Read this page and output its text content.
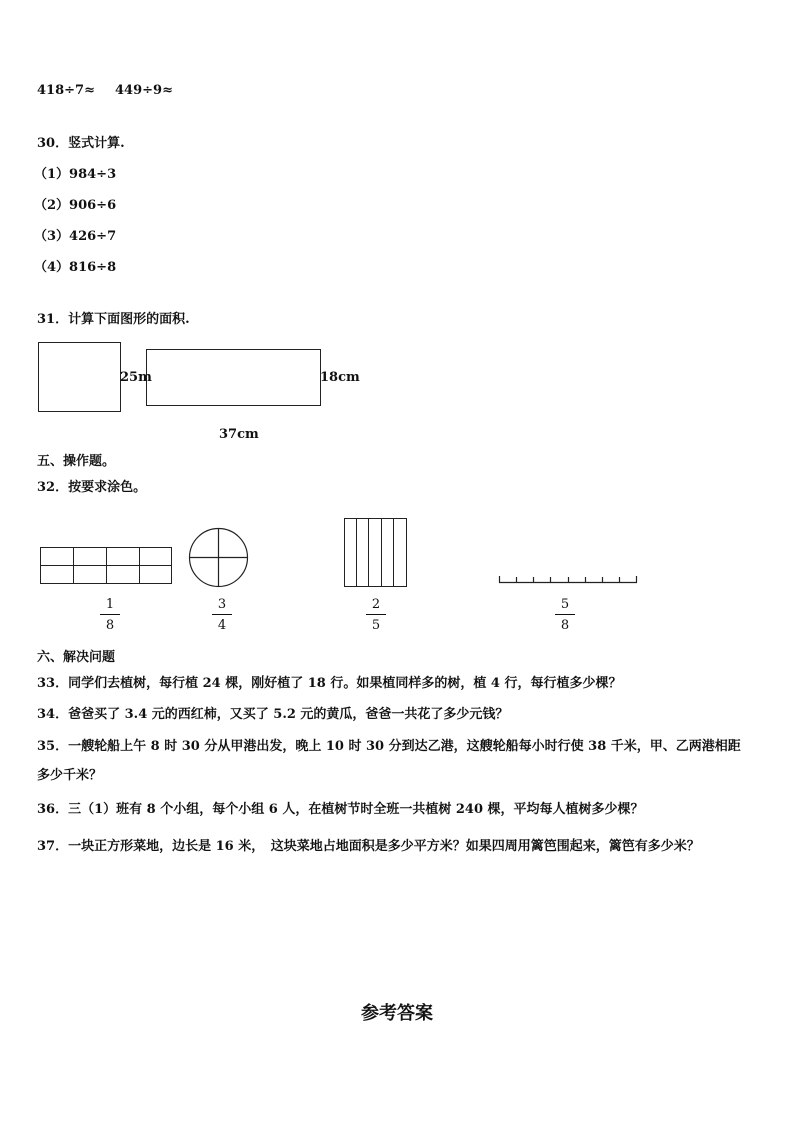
418÷7≈ 449÷9≈
30．竖式计算.
（1）984÷3
（2）906÷6
（3）426÷7
（4）816÷8
31．计算下面图形的面积.
25m	18cm
37cm
五、操作题。
32．按要求涂色。
1
8
3
4
2
5
5
8
六、解决问题
33．同学们去植树，每行植 24 棵，刚好植了 18 行。如果植同样多的树，植 4 行，每行植多少棵？
34．爸爸买了 3.4 元的西红柿，又买了 5.2 元的黄瓜，爸爸一共花了多少元钱？
35．一艘轮船上午 8 时 30 分从甲港出发，晚上 10 时 30 分到达乙港，这艘轮船每小时行使 38 千米，甲、乙两港相距
多少千米？
36．三（1）班有 8 个小组，每个小组 6 人，在植树节时全班一共植树 240 棵，平均每人植树多少棵？
37．一块正方形菜地，边长是 16 米，　这块菜地占地面积是多少平方米？如果四周用篱笆围起来，篱笆有多少米？
参考答案
